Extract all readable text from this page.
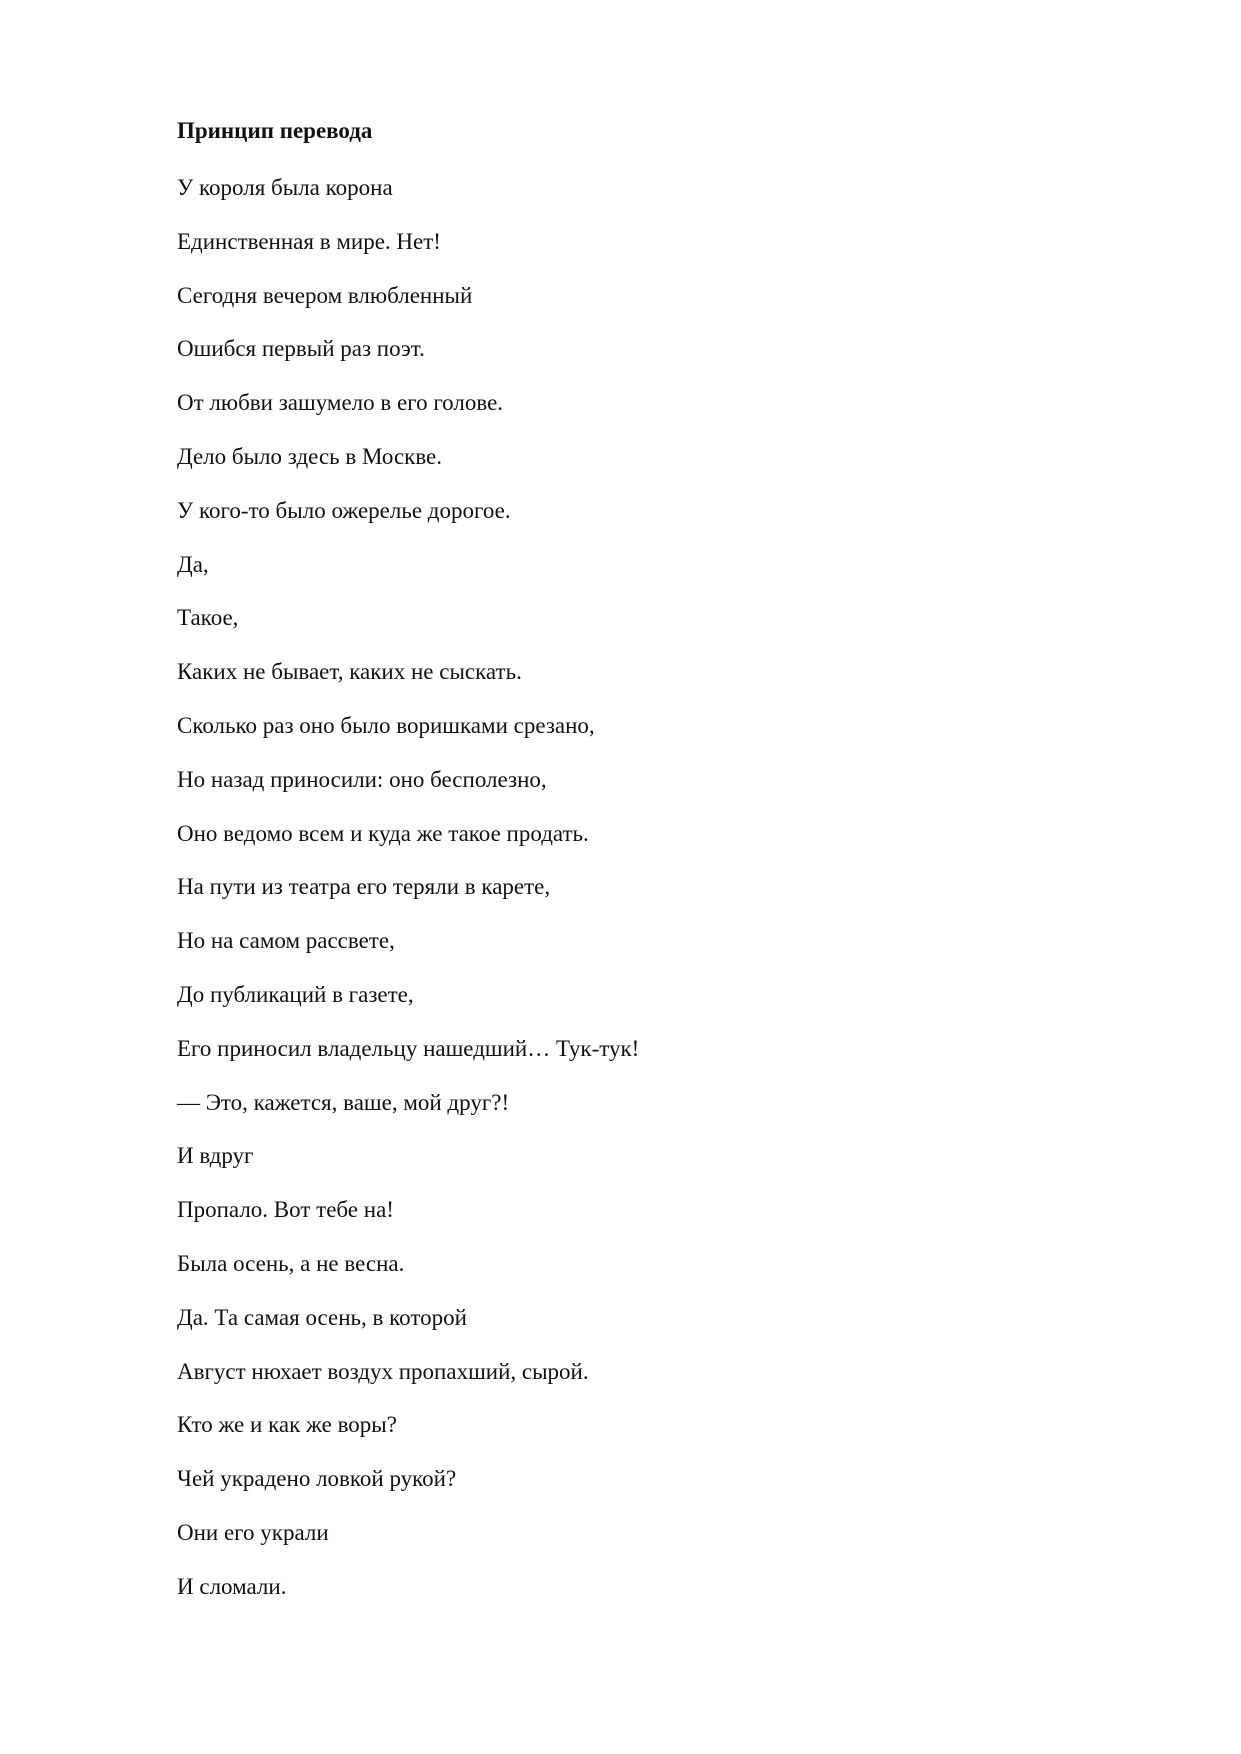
Принцип перевода
У короля была корона
Единственная в мире. Нет!
Сегодня вечером влюбленный
Ошибся первый раз поэт.
От любви зашумело в его голове.
Дело было здесь в Москве.
У кого-то было ожерелье дорогое.
Да,
Такое,
Каких не бывает, каких не сыскать.
Сколько раз оно было воришками срезано,
Но назад приносили: оно бесполезно,
Оно ведомо всем и куда же такое продать.
На пути из театра его теряли в карете,
Но на самом рассвете,
До публикаций в газете,
Его приносил владельцу нашедший… Тук-тук!
— Это, кажется, ваше, мой друг?!
И вдруг
Пропало. Вот тебе на!
Была осень, а не весна.
Да. Та самая осень, в которой
Август нюхает воздух пропахший, сырой.
Кто же и как же воры?
Чей украдено ловкой рукой?
Они его украли
И сломали.
